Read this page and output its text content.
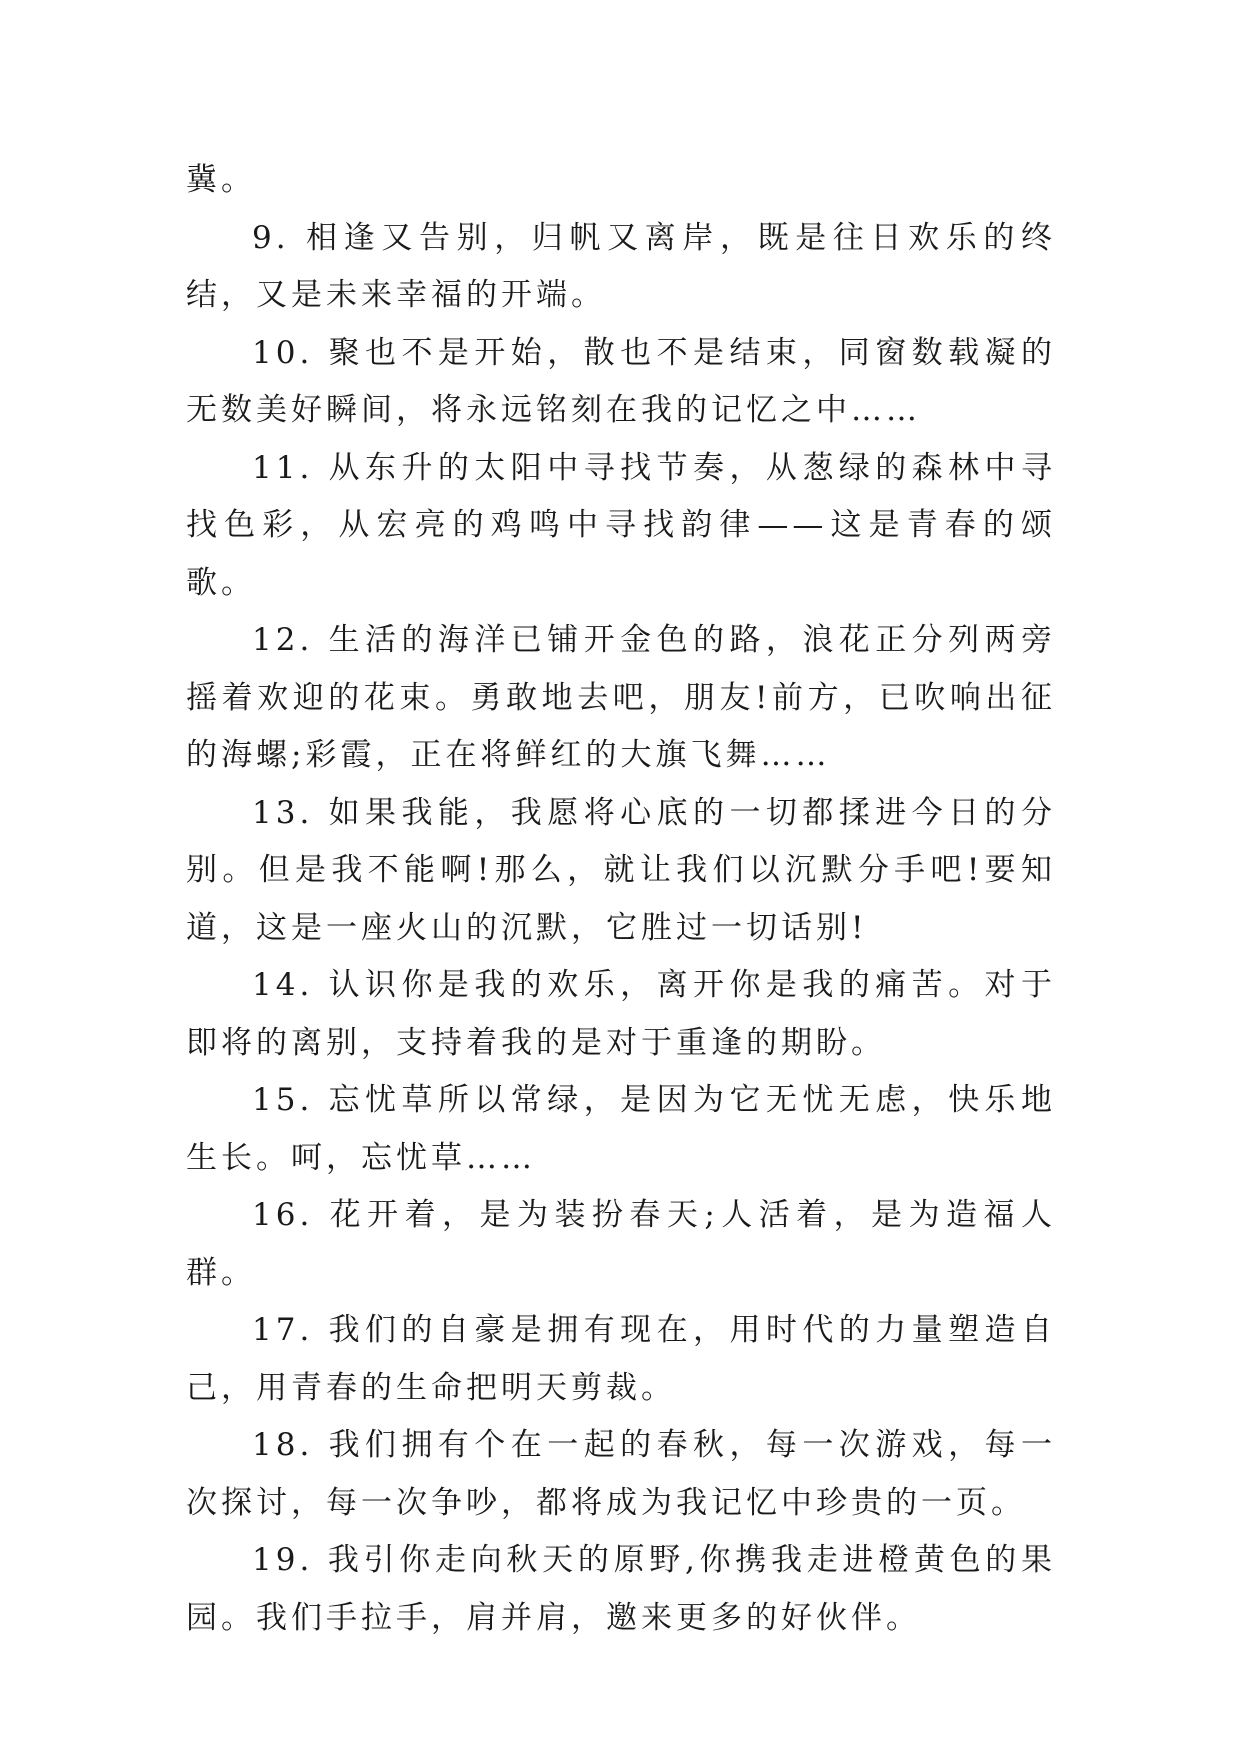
冀。

9. 相逢又告别，归帆又离岸，既是往日欢乐的终结，又是未来幸福的开端。

10. 聚也不是开始，散也不是结束，同窗数载凝的无数美好瞬间，将永远铭刻在我的记忆之中……

11. 从东升的太阳中寻找节奏，从葱绿的森林中寻找色彩，从宏亮的鸡鸣中寻找韵律——这是青春的颂歌。

12. 生活的海洋已铺开金色的路，浪花正分列两旁摇着欢迎的花束。勇敢地去吧，朋友!前方，已吹响出征的海螺;彩霞，正在将鲜红的大旗飞舞……

13. 如果我能，我愿将心底的一切都揉进今日的分别。但是我不能啊!那么，就让我们以沉默分手吧!要知道，这是一座火山的沉默，它胜过一切话别!

14. 认识你是我的欢乐，离开你是我的痛苦。对于即将的离别，支持着我的是对于重逢的期盼。

15. 忘忧草所以常绿，是因为它无忧无虑，快乐地生长。呵，忘忧草……

16. 花开着，是为装扮春天;人活着，是为造福人群。

17. 我们的自豪是拥有现在，用时代的力量塑造自己，用青春的生命把明天剪裁。

18. 我们拥有个在一起的春秋，每一次游戏，每一次探讨，每一次争吵，都将成为我记忆中珍贵的一页。

19. 我引你走向秋天的原野,你携我走进橙黄色的果园。我们手拉手，肩并肩，邀来更多的好伙伴。
